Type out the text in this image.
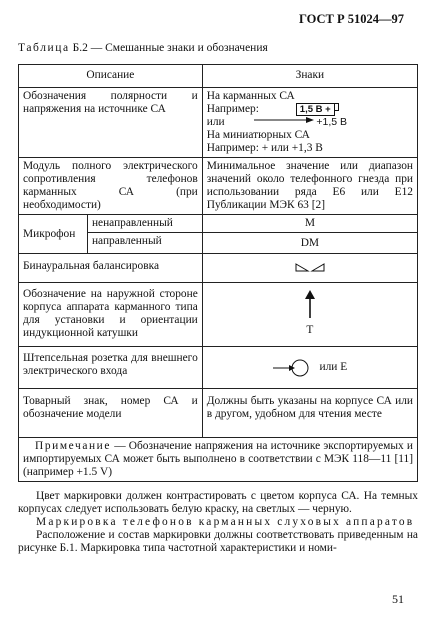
ГОСТ Р 51024—97
Таблица Б.2 — Смешанные знаки и обозначения
Описание		Знаки
Обозначения полярности и напряжения на источнике СА		На карманных СА
Например: 1,5 В +
или +1,5 В
На миниатюрных СА
Например: + или +1,3 В

Модуль полного электрического сопротивления телефонов карманных СА (при необходимости)		Минимальное значение или диапазон значений около телефонного гнезда при использовании ряда Е6 или Е12 Публикации МЭК 63 [2]
Микрофон	ненаправленный	М
	направленный	DM
Бинауральная балансировка	
Обозначение на наружной стороне корпуса аппарата карманного типа для установки и ориентации индукционной катушки		Т

Штепсельная розетка для внешнего электрического входа		или Е
Товарный знак, номер СА и обозначение модели		Должны быть указаны на корпусе СА или в другом, удобном для чтения месте
Примечание — Обозначение напряжения на источнике экспортируемых и импортируемых СА может быть выполнено в соответствии с МЭК 118—11 [11] (например +1.5 V)		
Цвет маркировки должен контрастировать с цветом корпуса СА. На темных корпусах следует использовать белую краску, на светлых — черную.
Маркировка телефонов карманных слуховых аппаратов
Расположение и состав маркировки должны соответствовать приведенным на рисунке Б.1. Маркировка типа частотной характеристики и номи-
51
